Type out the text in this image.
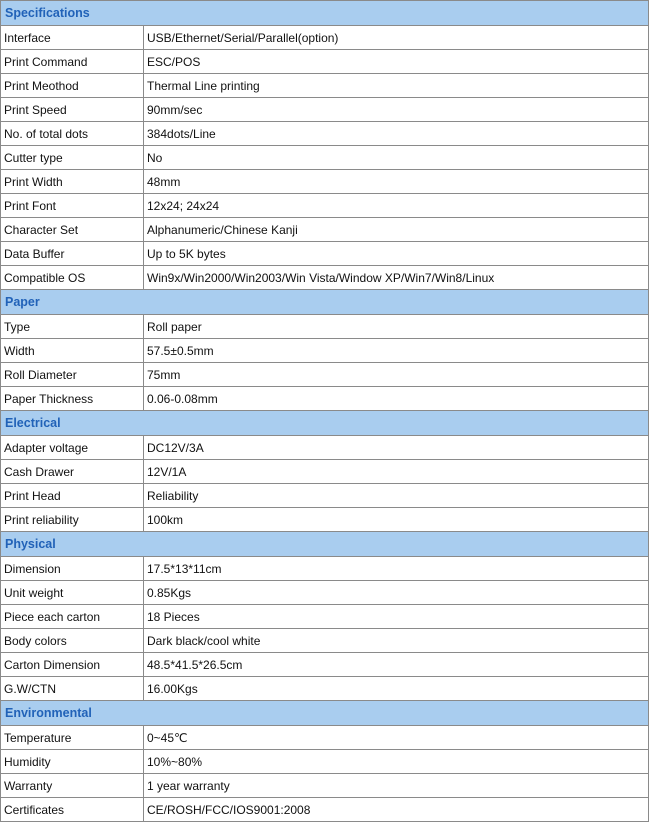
Specifications	
Interface	USB/Ethernet/Serial/Parallel(option)
Print Command	ESC/POS
Print Meothod	Thermal Line printing
Print Speed	90mm/sec
No. of total dots	384dots/Line
Cutter type	No
Print Width	48mm
Print Font	12x24; 24x24
Character Set	Alphanumeric/Chinese Kanji
Data Buffer	Up to 5K bytes
Compatible OS	Win9x/Win2000/Win2003/Win Vista/Window XP/Win7/Win8/Linux
Paper	
Type	Roll paper
Width	57.5±0.5mm
Roll Diameter	75mm
Paper Thickness	0.06-0.08mm
Electrical	
Adapter voltage	DC12V/3A
Cash Drawer	12V/1A
Print Head	Reliability
Print reliability	100km
Physical	
Dimension	17.5*13*11cm
Unit weight	0.85Kgs
Piece each carton	18 Pieces
Body colors	Dark black/cool white
Carton Dimension	48.5*41.5*26.5cm
G.W/CTN	16.00Kgs
Environmental	
Temperature	0~45℃
Humidity	10%~80%
Warranty	1 year warranty
Certificates	CE/ROSH/FCC/IOS9001:2008
